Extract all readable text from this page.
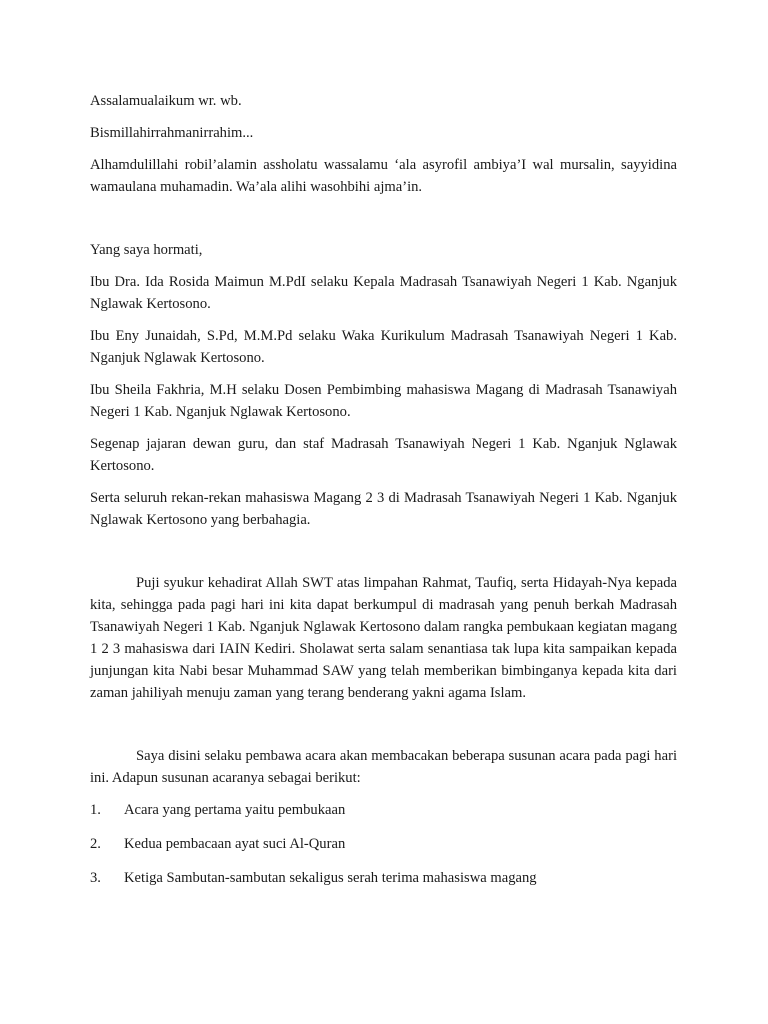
Assalamualaikum wr. wb.

Bismillahirrahmanirrahim...

Alhamdulillahi robil’alamin assholatu wassalamu ‘ala asyrofil ambiya’I wal mursalin, sayyidina wamaulana muhamadin. Wa’ala alihi wasohbihi ajma’in.

Yang saya hormati,

Ibu Dra. Ida Rosida Maimun M.PdI selaku Kepala Madrasah Tsanawiyah Negeri 1 Kab. Nganjuk Nglawak Kertosono.

Ibu Eny Junaidah, S.Pd, M.M.Pd selaku Waka Kurikulum Madrasah Tsanawiyah Negeri 1 Kab. Nganjuk Nglawak Kertosono.

Ibu Sheila Fakhria, M.H selaku Dosen Pembimbing mahasiswa Magang di Madrasah Tsanawiyah Negeri 1 Kab. Nganjuk Nglawak Kertosono.

Segenap jajaran dewan guru, dan staf Madrasah Tsanawiyah Negeri 1 Kab. Nganjuk Nglawak Kertosono.

Serta seluruh rekan-rekan mahasiswa Magang 2 3 di Madrasah Tsanawiyah Negeri 1 Kab. Nganjuk Nglawak Kertosono yang berbahagia.

Puji syukur kehadirat Allah SWT atas limpahan Rahmat, Taufiq, serta Hidayah-Nya kepada kita, sehingga pada pagi hari ini kita dapat berkumpul di madrasah yang penuh berkah Madrasah Tsanawiyah Negeri 1 Kab. Nganjuk Nglawak Kertosono dalam rangka pembukaan kegiatan magang 1 2 3 mahasiswa dari IAIN Kediri. Sholawat serta salam senantiasa tak lupa kita sampaikan kepada junjungan kita Nabi besar Muhammad SAW yang telah memberikan bimbinganya kepada kita dari zaman jahiliyah menuju zaman yang terang benderang yakni agama Islam.

Saya disini selaku pembawa acara akan membacakan beberapa susunan acara pada pagi hari ini. Adapun susunan acaranya sebagai berikut:

1.	Acara yang pertama yaitu pembukaan
2.	Kedua pembacaan ayat suci Al-Quran
3.	Ketiga Sambutan-sambutan sekaligus serah terima mahasiswa magang
